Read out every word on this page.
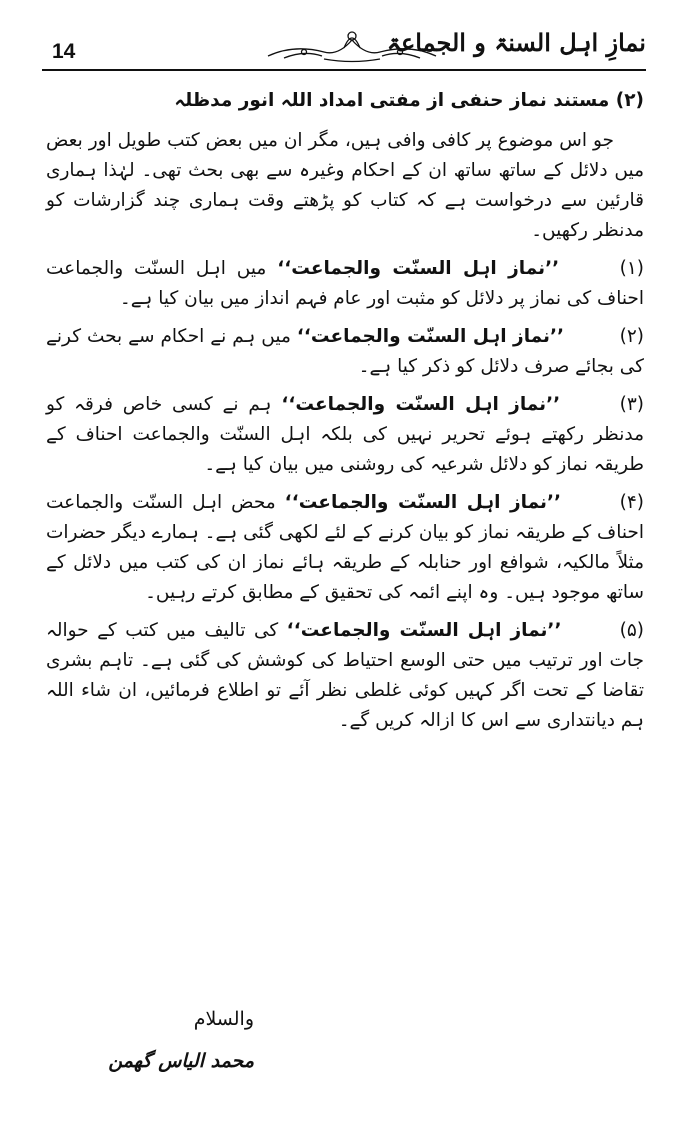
14	نمازِ اہل السنۃ و الجماعۃ
(۲) مستند نماز حنفی از مفتی امداد اللہ انور مدظلہ
جو اس موضوع پر کافی وافی ہیں، مگر ان میں بعض کتب طویل اور بعض میں دلائل کے ساتھ ساتھ ان کے احکام وغیرہ سے بھی بحث تھی۔ لہٰذا ہماری قارئین سے درخواست ہے کہ کتاب کو پڑھتے وقت ہماری چند گزارشات کو مدنظر رکھیں۔
(۱) ’’نماز اہل السنّت والجماعت‘‘ میں اہل السنّت والجماعت احناف کی نماز پر دلائل کو مثبت اور عام فہم انداز میں بیان کیا ہے۔
(۲) ’’نماز اہل السنّت والجماعت‘‘ میں ہم نے احکام سے بحث کرنے کی بجائے صرف دلائل کو ذکر کیا ہے۔
(۳) ’’نماز اہل السنّت والجماعت‘‘ ہم نے کسی خاص فرقہ کو مدنظر رکھتے ہوئے تحریر نہیں کی بلکہ اہل السنّت والجماعت احناف کے طریقہ نماز کو دلائل شرعیہ کی روشنی میں بیان کیا ہے۔
(۴) ’’نماز اہل السنّت والجماعت‘‘ محض اہل السنّت والجماعت احناف کے طریقہ نماز کو بیان کرنے کے لئے لکھی گئی ہے۔ ہمارے دیگر حضرات مثلاً مالکیہ، شوافع اور حنابلہ کے طریقہ ہائے نماز ان کی کتب میں دلائل کے ساتھ موجود ہیں۔ وہ اپنے ائمہ کی تحقیق کے مطابق کرتے رہیں۔
(۵) ’’نماز اہل السنّت والجماعت‘‘ کی تالیف میں کتب کے حوالہ جات اور ترتیب میں حتی الوسع احتیاط کی کوشش کی گئی ہے۔ تاہم بشری تقاضا کے تحت اگر کہیں کوئی غلطی نظر آئے تو اطلاع فرمائیں، ان شاء اللہ ہم دیانتداری سے اس کا ازالہ کریں گے۔
والسلام
محمد الیاس گھمن
